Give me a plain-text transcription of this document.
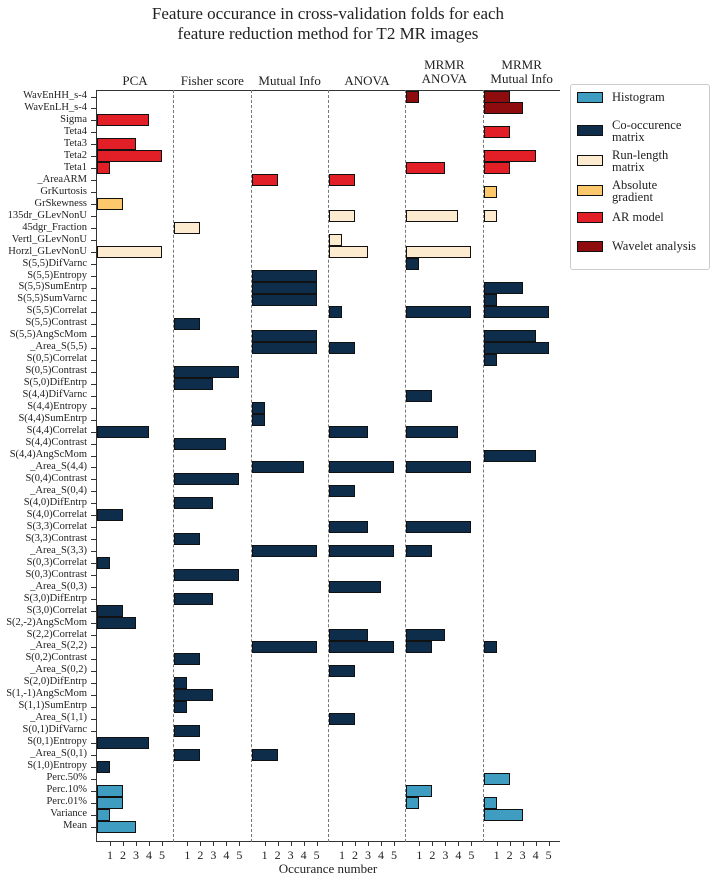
Feature occurance in cross-validation folds for each
feature reduction method for T2 MR images
PCA	Fisher score	Mutual Info	ANOVA
MRMR
ANOVA
MRMR
Mutual Info
WavEnHH_s-4
WavEnLH_s-4
Sigma
Teta4
Teta3
Teta2
Teta1
_AreaARM
GrKurtosis
GrSkewness
135dr_GLevNonU
45dgr_Fraction
Vertl_GLevNonU
Horzl_GLevNonU
S(5,5)DifVarnc
S(5,5)Entropy
S(5,5)SumEntrp
S(5,5)SumVarnc
S(5,5)Correlat
S(5,5)Contrast
S(5,5)AngScMom
_Area_S(5,5)
S(0,5)Correlat
S(0,5)Contrast
S(5,0)DifEntrp
S(4,4)DifVarnc
S(4,4)Entropy
S(4,4)SumEntrp
S(4,4)Correlat
S(4,4)Contrast
S(4,4)AngScMom
_Area_S(4,4)
S(0,4)Contrast
_Area_S(0,4)
S(4,0)DifEntrp
S(4,0)Correlat
S(3,3)Correlat
S(3,3)Contrast
_Area_S(3,3)
S(0,3)Correlat
S(0,3)Contrast
_Area_S(0,3)
S(3,0)DifEntrp
S(3,0)Correlat
S(2,-2)AngScMom
S(2,2)Correlat
_Area_S(2,2)
S(0,2)Contrast
_Area_S(0,2)
S(2,0)DifEntrp
S(1,-1)AngScMom
S(1,1)SumEntrp
_Area_S(1,1)
S(0,1)DifVarnc
S(0,1)Entropy
_Area_S(0,1)
S(1,0)Entropy
Perc.50%
Perc.10%
Perc.01%
Variance
Mean
1 2 3 4 5 1 2 3 4 5 1 2 3 4 5 1 2 3 4 5 1 2 3 4 5 1 2 3 4 5
Occurance number
Histogram
Co-occurence
matrix
Run-length
matrix
Absolute
gradient
AR model
Wavelet analysis
